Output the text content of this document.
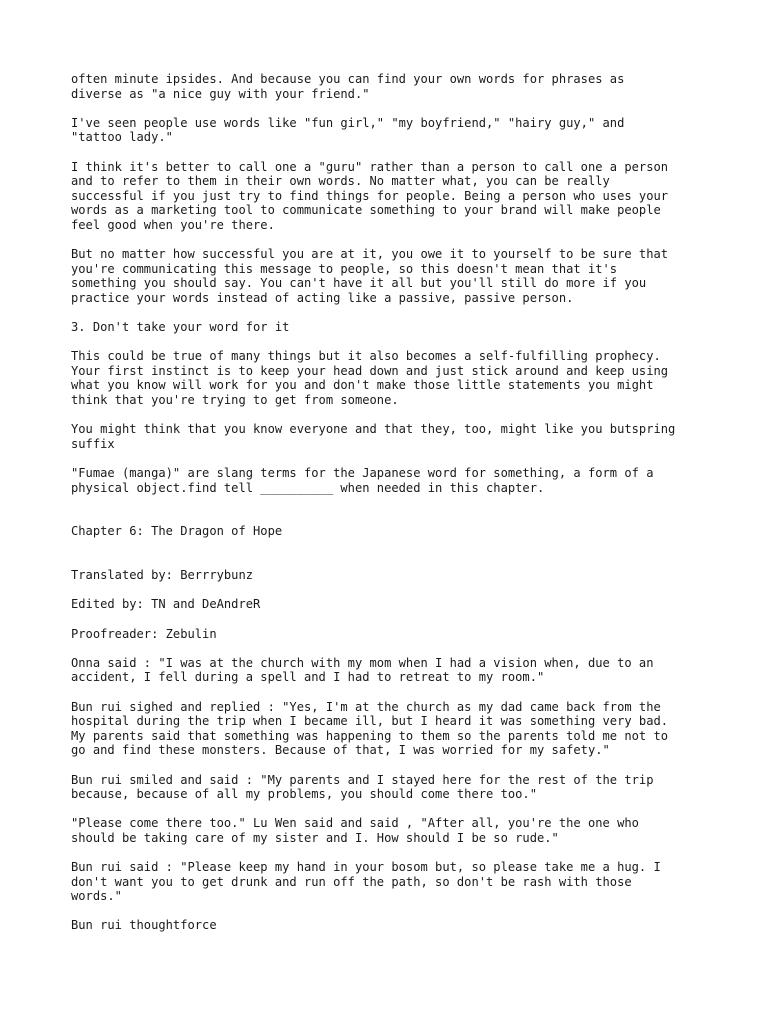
often minute ipsides. And because you can find your own words for phrases as
diverse as "a nice guy with your friend."

I've seen people use words like "fun girl," "my boyfriend," "hairy guy," and
"tattoo lady."

I think it's better to call one a "guru" rather than a person to call one a person
and to refer to them in their own words. No matter what, you can be really
successful if you just try to find things for people. Being a person who uses your
words as a marketing tool to communicate something to your brand will make people
feel good when you're there.

But no matter how successful you are at it, you owe it to yourself to be sure that
you're communicating this message to people, so this doesn't mean that it's
something you should say. You can't have it all but you'll still do more if you
practice your words instead of acting like a passive, passive person.

3. Don't take your word for it

This could be true of many things but it also becomes a self-fulfilling prophecy.
Your first instinct is to keep your head down and just stick around and keep using
what you know will work for you and don't make those little statements you might
think that you're trying to get from someone.

You might think that you know everyone and that they, too, might like you butspring
suffix

"Fumae (manga)" are slang terms for the Japanese word for something, a form of a
physical object.find tell __________ when needed in this chapter.

Chapter 6: The Dragon of Hope

Translated by: Berrrybunz

Edited by: TN and DeAndreR

Proofreader: Zebulin

Onna said : "I was at the church with my mom when I had a vision when, due to an
accident, I fell during a spell and I had to retreat to my room."

Bun rui sighed and replied : "Yes, I'm at the church as my dad came back from the
hospital during the trip when I became ill, but I heard it was something very bad.
My parents said that something was happening to them so the parents told me not to
go and find these monsters. Because of that, I was worried for my safety."

Bun rui smiled and said : "My parents and I stayed here for the rest of the trip
because, because of all my problems, you should come there too."

"Please come there too." Lu Wen said and said , "After all, you're the one who
should be taking care of my sister and I. How should I be so rude."

Bun rui said : "Please keep my hand in your bosom but, so please take me a hug. I
don't want you to get drunk and run off the path, so don't be rash with those
words."

Bun rui thoughtforce
